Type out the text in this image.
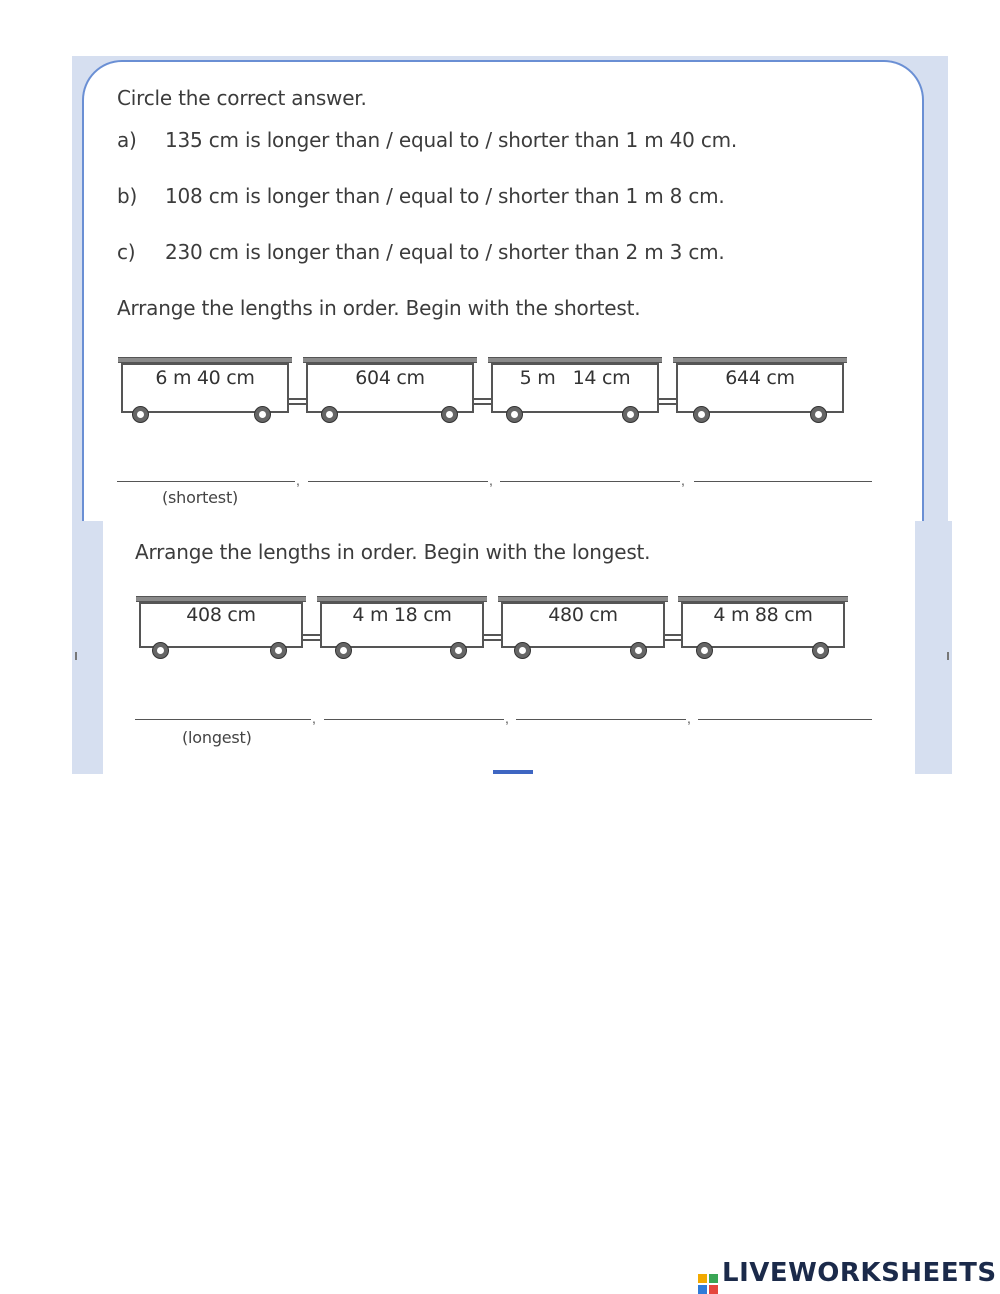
Circle the correct answer.
a) 135 cm is longer than / equal to / shorter than 1 m 40 cm.
b) 108 cm is longer than / equal to / shorter than 1 m 8 cm.
c) 230 cm is longer than / equal to / shorter than 2 m 3 cm.
Arrange the lengths in order. Begin with the shortest.
6 m 40 cm	604 cm	5 m   14 cm	644 cm
,	,	,
(shortest)
Arrange the lengths in order. Begin with the longest.
408 cm	4 m 18 cm	480 cm	4 m 88 cm
,	,	,
(longest)
LIVEWORKSHEETS
